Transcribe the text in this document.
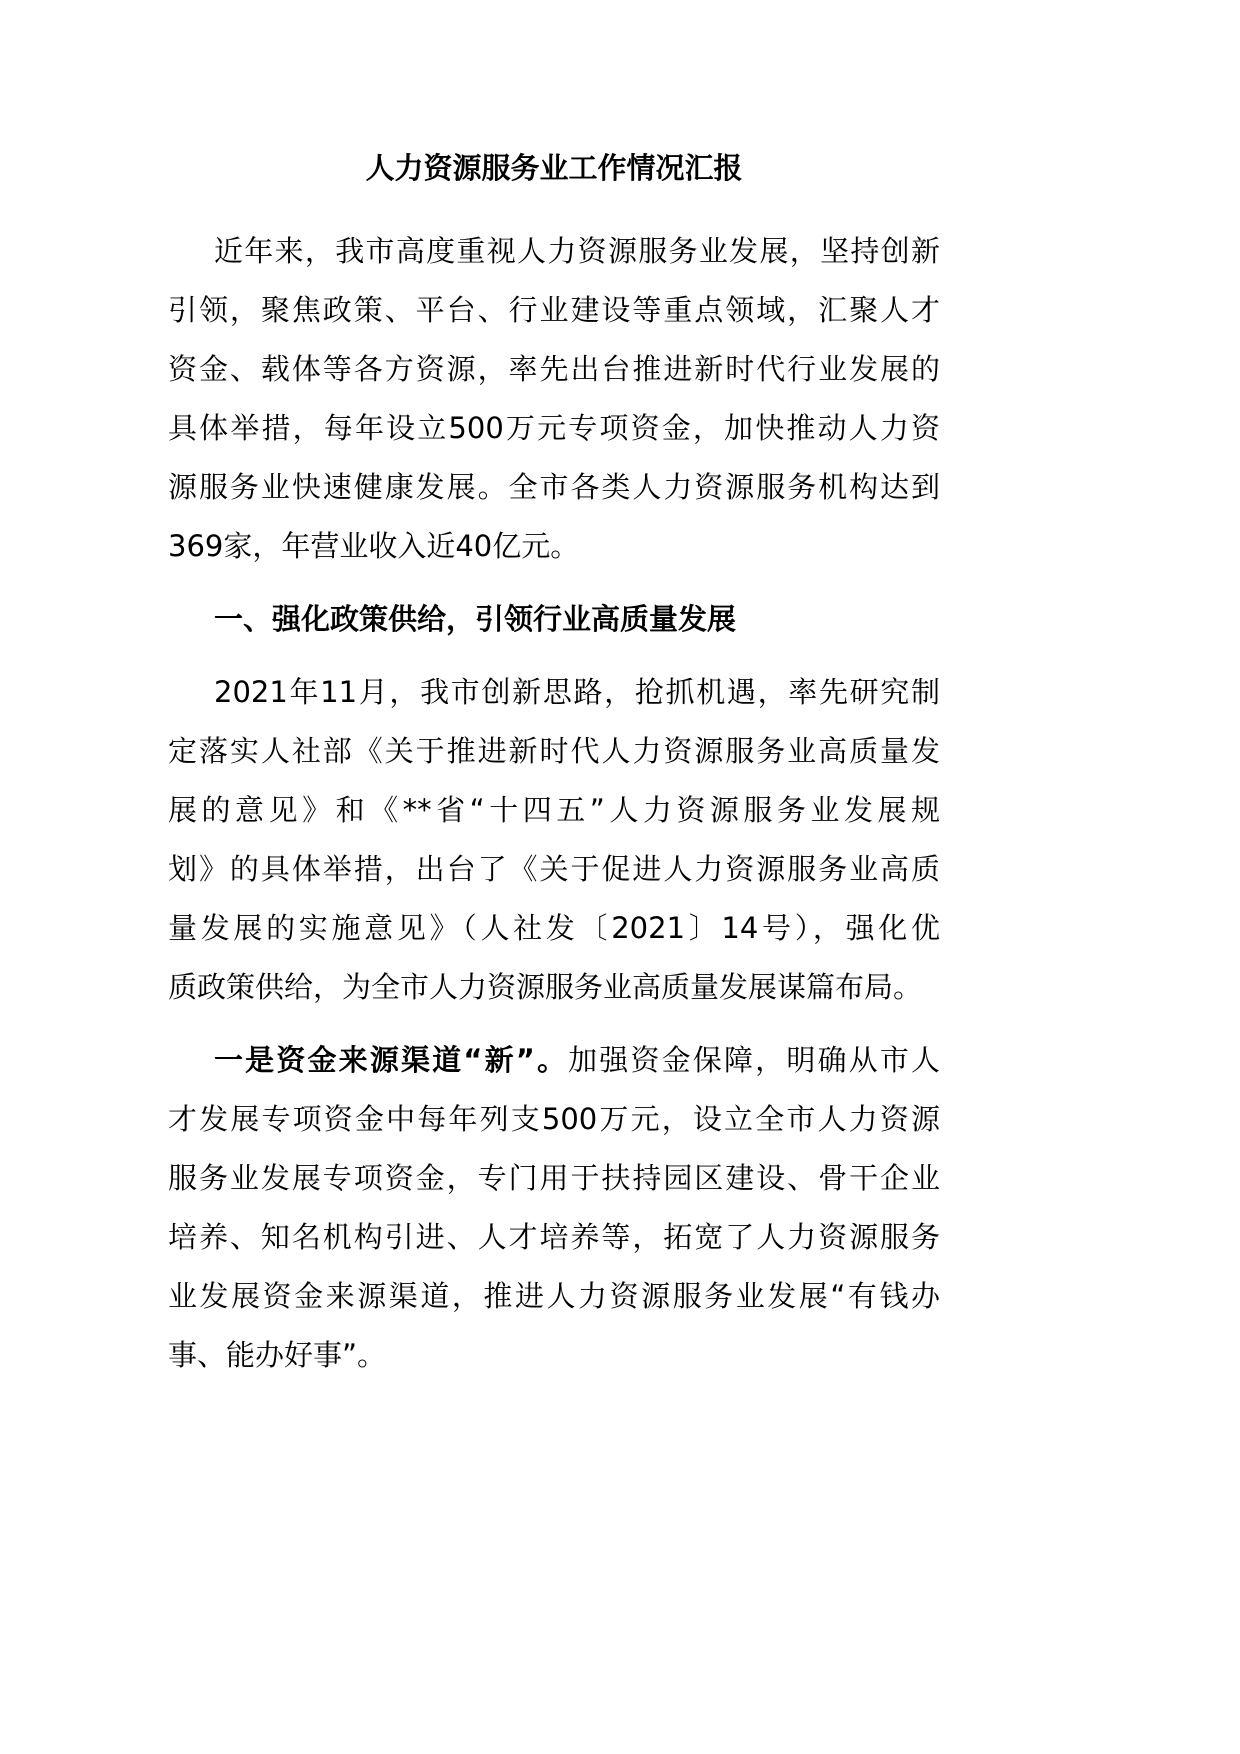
人力资源服务业工作情况汇报
近年来，我市高度重视人力资源服务业发展，坚持创新
引领，聚焦政策、平台、行业建设等重点领域，汇聚人才
资金、载体等各方资源，率先出台推进新时代行业发展的
具体举措，每年设立500万元专项资金，加快推动人力资
源服务业快速健康发展。全市各类人力资源服务机构达到
369家，年营业收入近40亿元。
一、强化政策供给，引领行业高质量发展
2021年11月，我市创新思路，抢抓机遇，率先研究制
定落实人社部《关于推进新时代人力资源服务业高质量发
展的意见》和《**省“十四五”人力资源服务业发展规
划》的具体举措，出台了《关于促进人力资源服务业高质
量发展的实施意见》（人社发〔2021〕14号），强化优
质政策供给，为全市人力资源服务业高质量发展谋篇布局。
一是资金来源渠道“新”。加强资金保障，明确从市人
才发展专项资金中每年列支500万元，设立全市人力资源
服务业发展专项资金，专门用于扶持园区建设、骨干企业
培养、知名机构引进、人才培养等，拓宽了人力资源服务
业发展资金来源渠道，推进人力资源服务业发展“有钱办
事、能办好事”。
